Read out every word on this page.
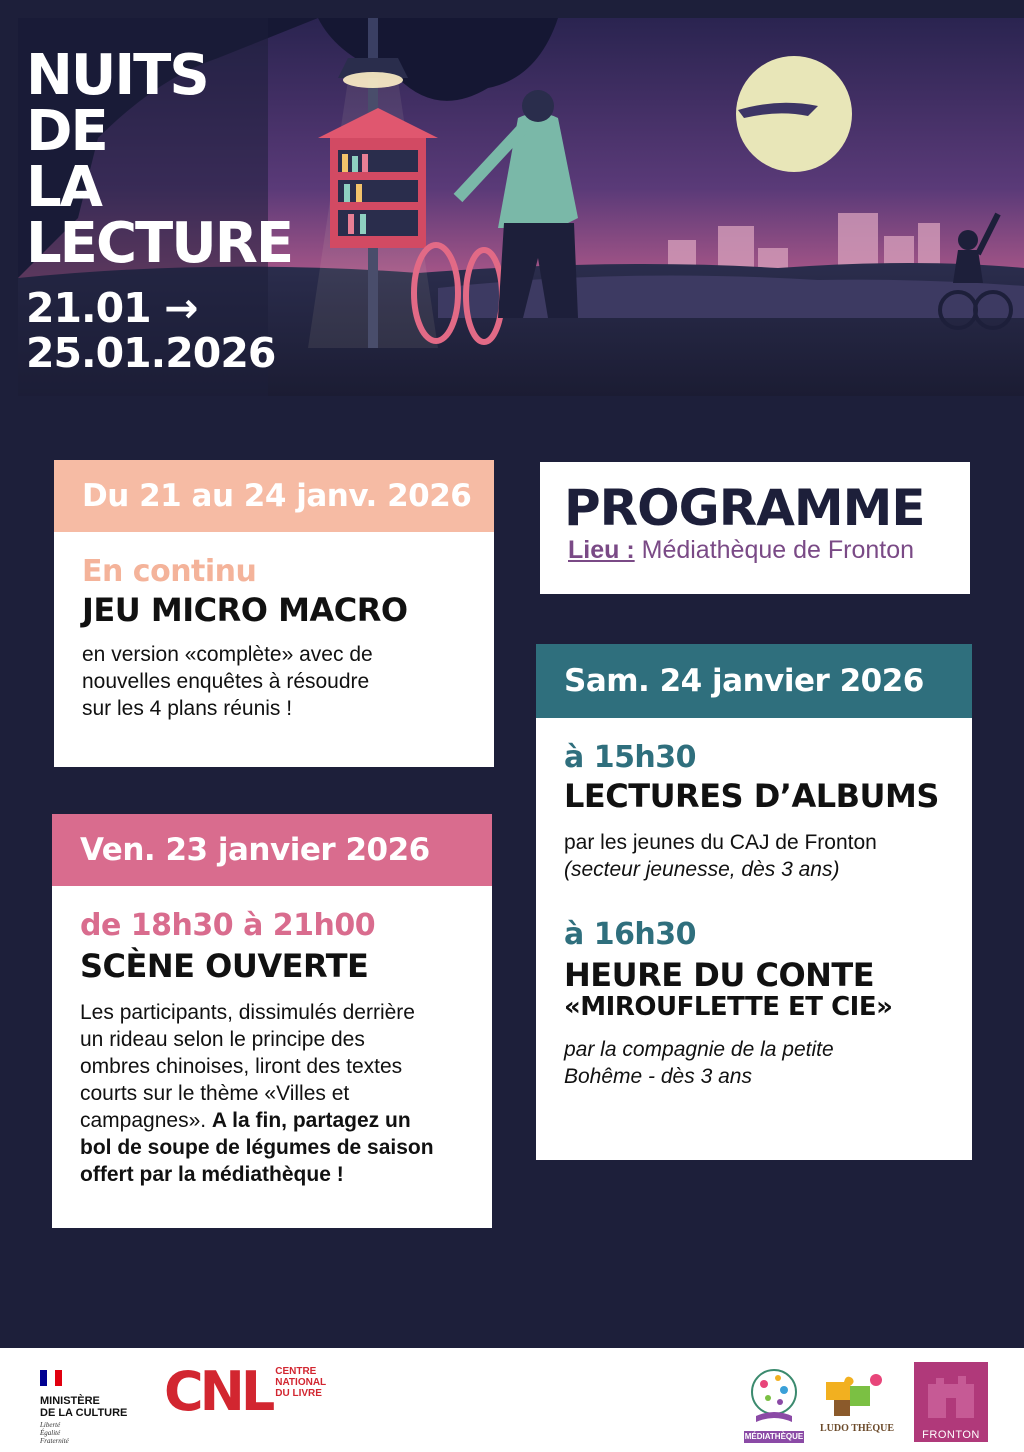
NUITS
DE
LA
LECTURE
21.01 →
25.01.2026
Du 21 au 24 janv. 2026
En continu
JEU MICRO MACRO
en version «complète» avec de
nouvelles enquêtes à résoudre
sur les 4 plans réunis !
Ven. 23 janvier 2026
de 18h30 à 21h00
SCÈNE OUVERTE
Les participants, dissimulés derrière
un rideau selon le principe des
ombres chinoises, liront des textes
courts sur le thème «Villes et
campagnes». A la fin, partagez un
bol de soupe de légumes de saison
offert par la médiathèque !
PROGRAMME
Lieu : Médiathèque de Fronton
Sam. 24 janvier 2026
à 15h30
LECTURES D’ALBUMS
par les jeunes du CAJ de Fronton
(secteur jeunesse, dès 3 ans)
à 16h30
HEURE DU CONTE
«MIROUFLETTE ET CIE»
par la compagnie de la petite
Bohême - dès 3 ans
MINISTÈRE
DE LA CULTURE
Liberté
Égalité
Fraternité
CNL CENTRE
NATIONAL
DU LIVRE
MÉDIATHÈQUE
LUDO THÈQUE
FRONTON
